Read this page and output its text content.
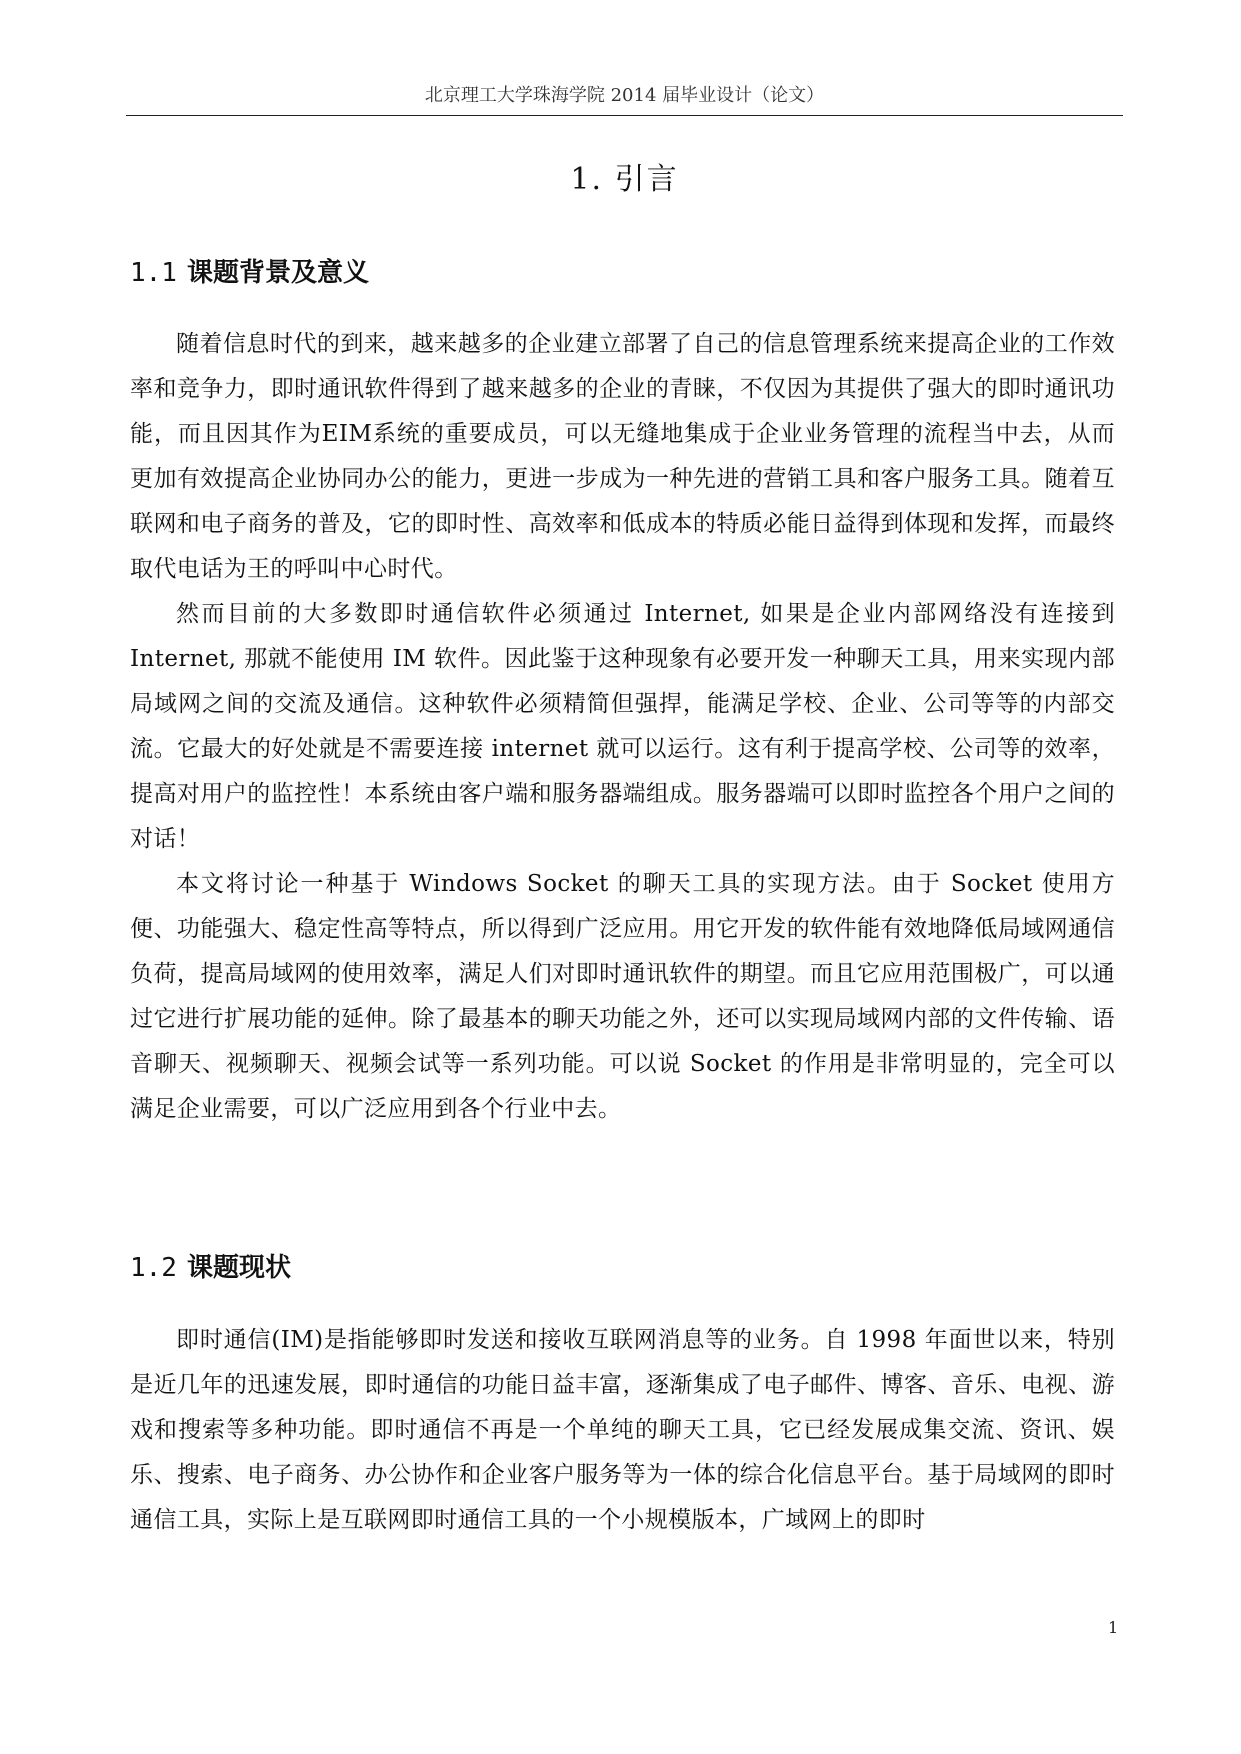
北京理工大学珠海学院 2014 届毕业设计（论文）
1. 引言
1.1 课题背景及意义

随着信息时代的到来，越来越多的企业建立部署了自己的信息管理系统来提高企业的工作效率和竞争力，即时通讯软件得到了越来越多的企业的青睐，不仅因为其提供了强大的即时通讯功能，而且因其作为EIM系统的重要成员，可以无缝地集成于企业业务管理的流程当中去，从而更加有效提高企业协同办公的能力，更进一步成为一种先进的营销工具和客户服务工具。随着互联网和电子商务的普及，它的即时性、高效率和低成本的特质必能日益得到体现和发挥，而最终取代电话为王的呼叫中心时代。

然而目前的大多数即时通信软件必须通过 Internet, 如果是企业内部网络没有连接到 Internet, 那就不能使用 IM 软件。因此鉴于这种现象有必要开发一种聊天工具，用来实现内部局域网之间的交流及通信。这种软件必须精简但强捍，能满足学校、企业、公司等等的内部交流。它最大的好处就是不需要连接 internet 就可以运行。这有利于提高学校、公司等的效率，提高对用户的监控性！本系统由客户端和服务器端组成。服务器端可以即时监控各个用户之间的对话！

本文将讨论一种基于 Windows Socket 的聊天工具的实现方法。由于 Socket 使用方便、功能强大、稳定性高等特点，所以得到广泛应用。用它开发的软件能有效地降低局域网通信负荷，提高局域网的使用效率，满足人们对即时通讯软件的期望。而且它应用范围极广，可以通过它进行扩展功能的延伸。除了最基本的聊天功能之外，还可以实现局域网内部的文件传输、语音聊天、视频聊天、视频会试等一系列功能。可以说 Socket 的作用是非常明显的，完全可以满足企业需要，可以广泛应用到各个行业中去。

1.2 课题现状

即时通信(IM)是指能够即时发送和接收互联网消息等的业务。自 1998 年面世以来，特别是近几年的迅速发展，即时通信的功能日益丰富，逐渐集成了电子邮件、博客、音乐、电视、游戏和搜索等多种功能。即时通信不再是一个单纯的聊天工具，它已经发展成集交流、资讯、娱乐、搜索、电子商务、办公协作和企业客户服务等为一体的综合化信息平台。基于局域网的即时通信工具，实际上是互联网即时通信工具的一个小规模版本，广域网上的即时

1
